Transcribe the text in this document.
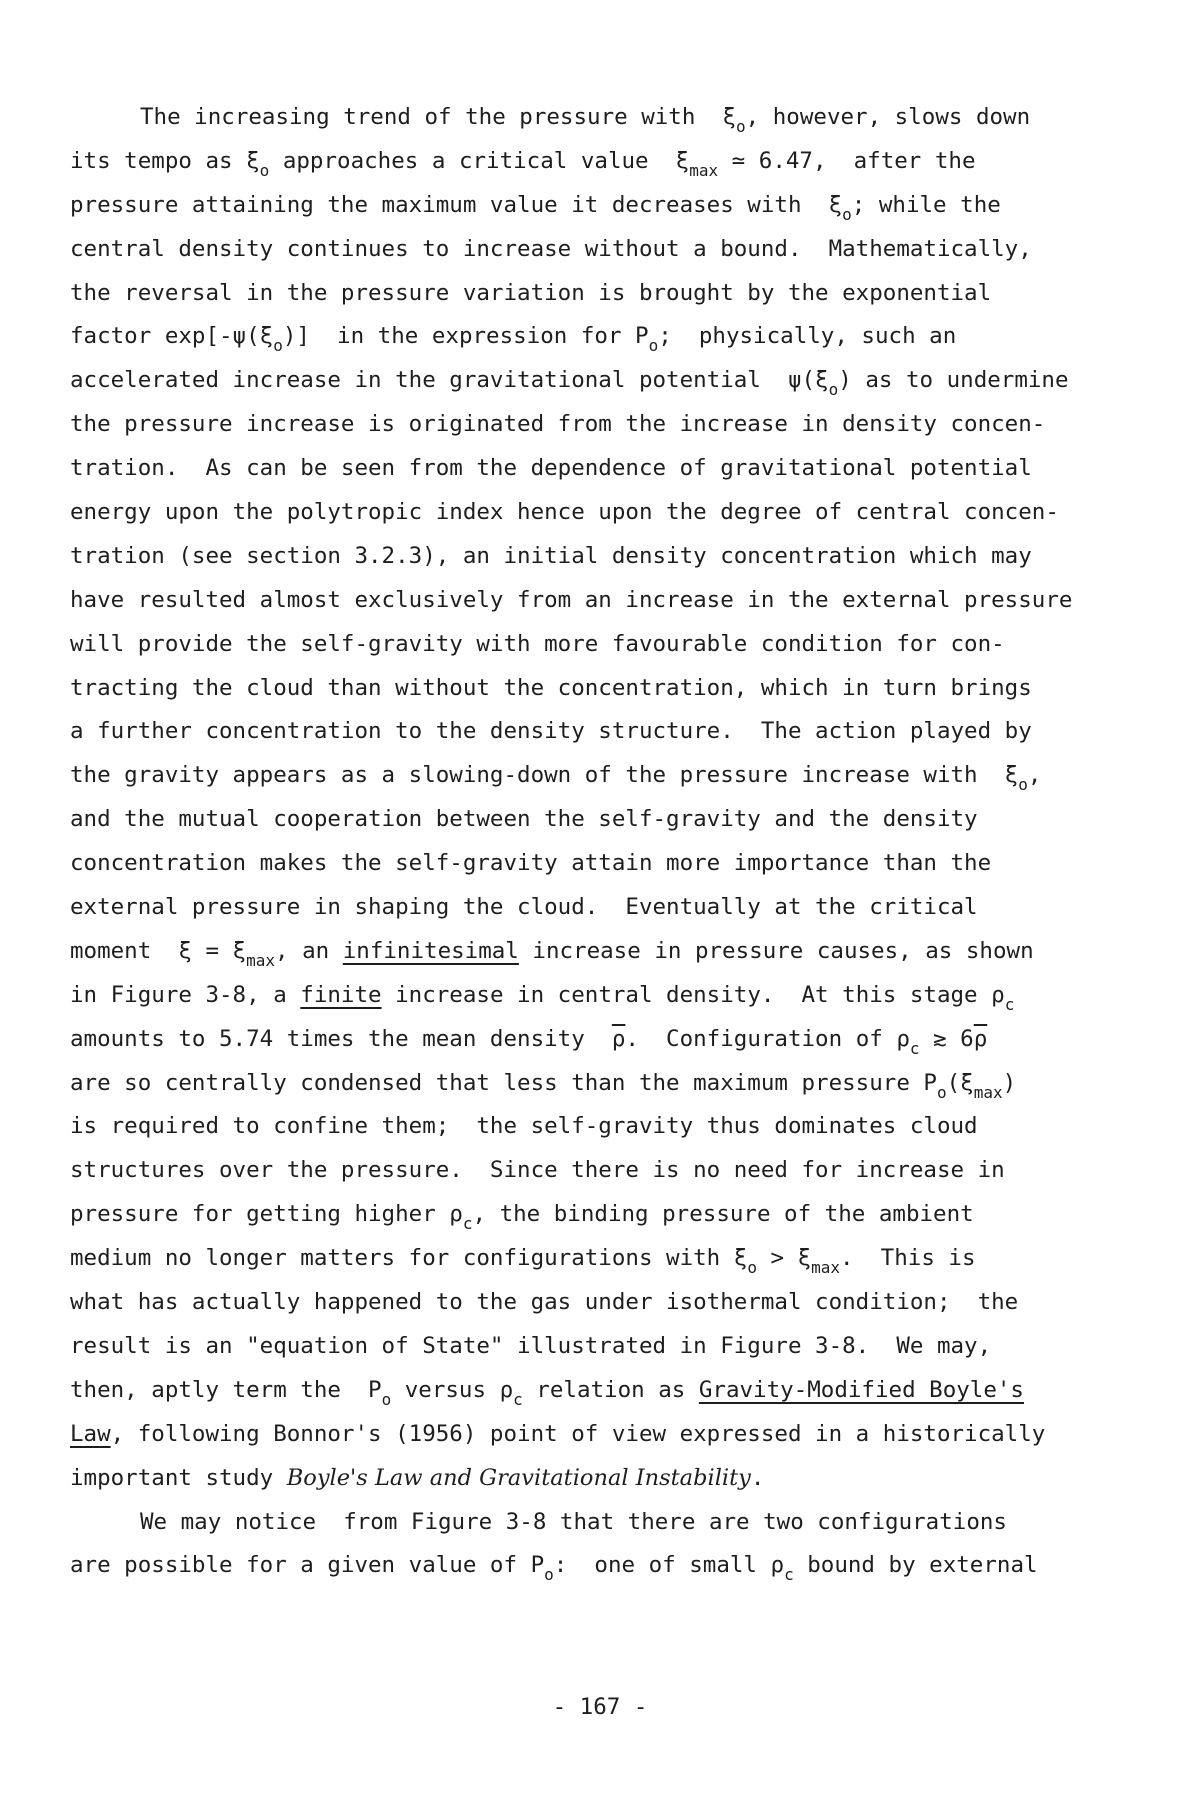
The increasing trend of the pressure with  $\xi_o$, however, slows down
its tempo as $\xi_o$ approaches a critical value  $\xi_{max}$ ≃ 6.47,  after the
pressure attaining the maximum value it decreases with  $\xi_o$; while the
central density continues to increase without a bound.  Mathematically,
the reversal in the pressure variation is brought by the exponential
factor $\exp[-\psi(\xi_o)]$  in the expression for $P_o$;  physically, such an
accelerated increase in the gravitational potential  $\psi(\xi_o)$ as to undermine
the pressure increase is originated from the increase in density concen-
tration.  As can be seen from the dependence of gravitational potential
energy upon the polytropic index hence upon the degree of central concen-
tration (see section 3.2.3), an initial density concentration which may
have resulted almost exclusively from an increase in the external pressure
will provide the self-gravity with more favourable condition for con-
tracting the cloud than without the concentration, which in turn brings
a further concentration to the density structure.  The action played by
the gravity appears as a slowing-down of the pressure increase with  $\xi_o$,
and the mutual cooperation between the self-gravity and the density
concentration makes the self-gravity attain more importance than the
external pressure in shaping the cloud.  Eventually at the critical
moment  $\xi = \xi_{max}$, an infinitesimal increase in pressure causes, as shown
in Figure 3-8, a finite increase in central density.  At this stage $\rho_c$
amounts to 5.74 times the mean density  $\overline{\rho}$.  Configuration of $\rho_c$ ≳ $6\overline{\rho}$
are so centrally condensed that less than the maximum pressure $P_o(\xi_{max})$
is required to confine them;  the self-gravity thus dominates cloud
structures over the pressure.  Since there is no need for increase in
pressure for getting higher $\rho_c$, the binding pressure of the ambient
medium no longer matters for configurations with $\xi_o > \xi_{max}$.  This is
what has actually happened to the gas under isothermal condition;  the
result is an "equation of State" illustrated in Figure 3-8.  We may,
then, aptly term the  $P_o$ versus $\rho_c$ relation as Gravity-Modified Boyle's
Law, following Bonnor's (1956) point of view expressed in a historically
important study Boyle's Law and Gravitational Instability.
We may notice  from Figure 3-8 that there are two configurations
are possible for a given value of $P_o$:  one of small $\rho_c$ bound by external
- 167 -
